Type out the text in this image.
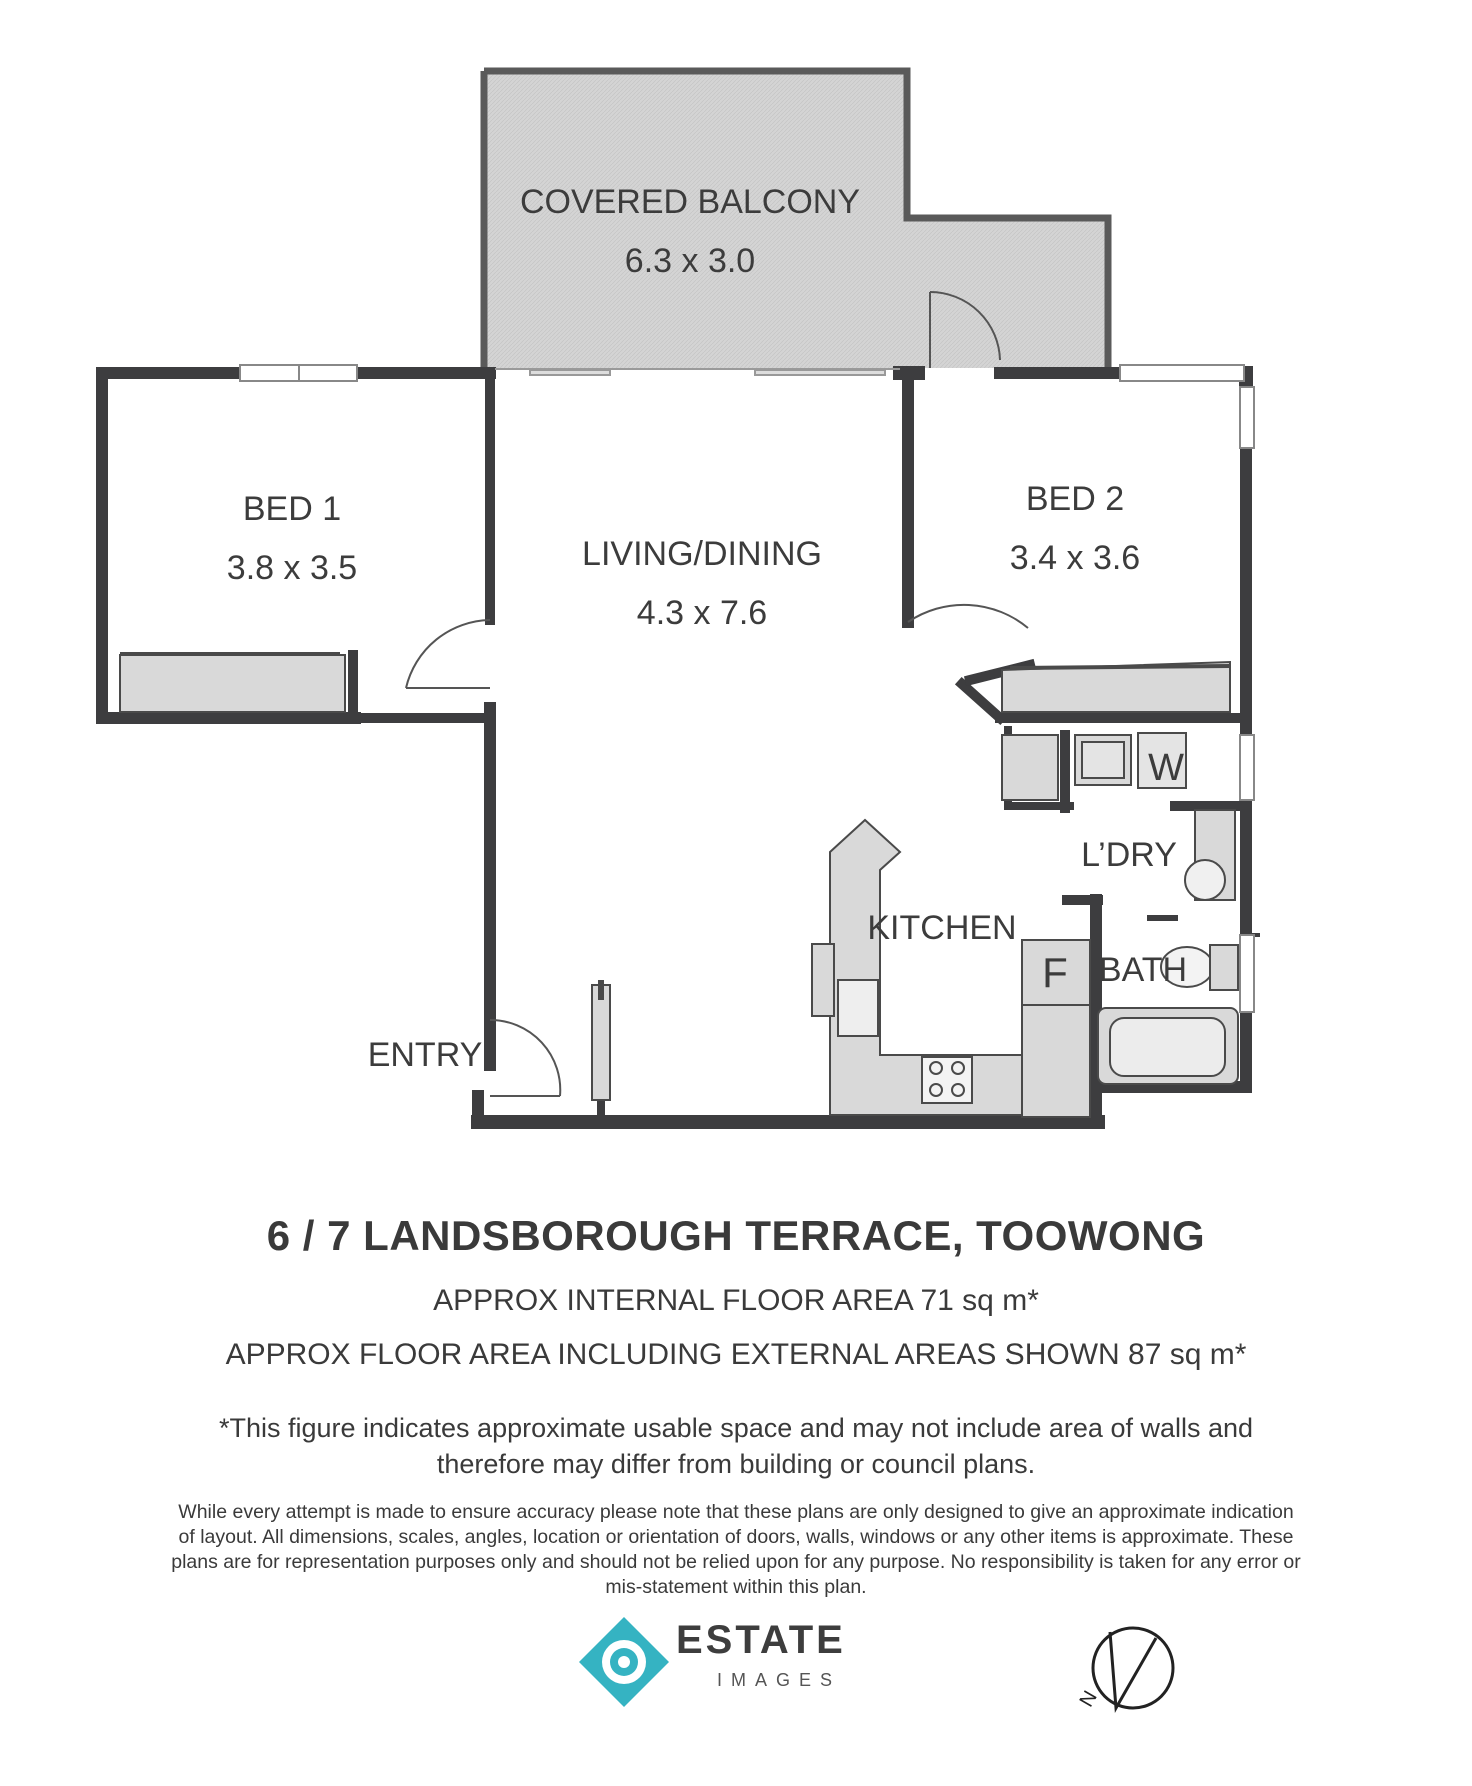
COVERED BALCONY
6.3 x 3.0
BED 1
3.8 x 3.5	LIVING/DINING
4.3 x 7.6
BED 2
3.4 x 3.6
L’DRY
KITCHEN
BATH
ENTRY
F
W
6 / 7 LANDSBOROUGH TERRACE, TOOWONG
APPROX INTERNAL FLOOR AREA 71 sq m*
APPROX FLOOR AREA INCLUDING EXTERNAL AREAS SHOWN 87 sq m*
*This figure indicates approximate usable space and may not include area of walls and therefore may differ from building or council plans.
While every attempt is made to ensure accuracy please note that these plans are only designed to give an approximate indication of layout. All dimensions, scales, angles, location or orientation of doors, walls, windows or any other items is approximate. These plans are for representation purposes only and should not be relied upon for any purpose. No responsibility is taken for any error or mis-statement within this plan.
ESTATE
IMAGES
N
